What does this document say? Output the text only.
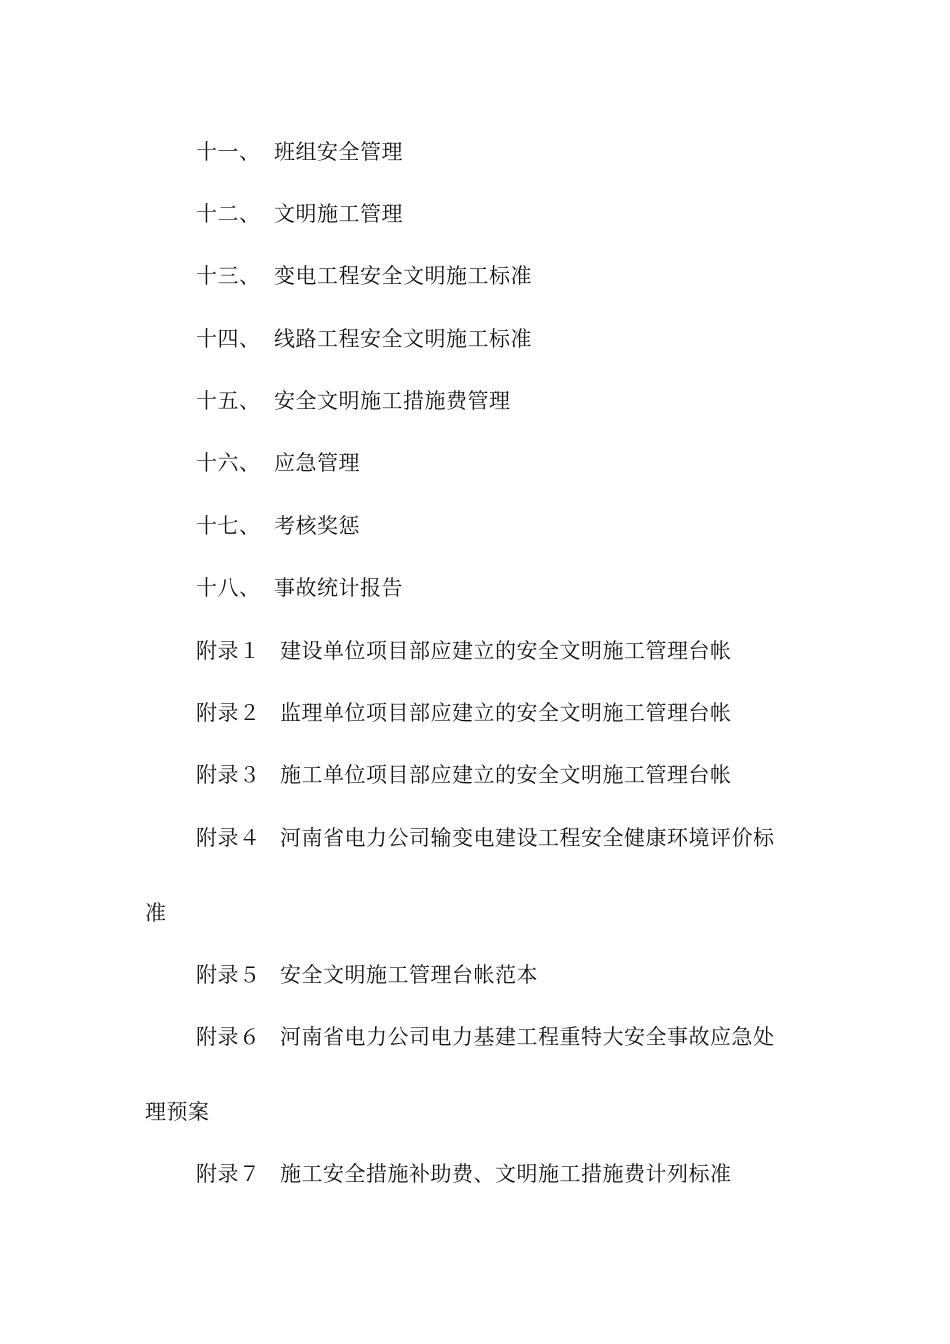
十一、 班组安全管理
十二、 文明施工管理
十三、 变电工程安全文明施工标准
十四、 线路工程安全文明施工标准
十五、 安全文明施工措施费管理
十六、 应急管理
十七、 考核奖惩
十八、 事故统计报告
附录１ 建设单位项目部应建立的安全文明施工管理台帐
附录２ 监理单位项目部应建立的安全文明施工管理台帐
附录３ 施工单位项目部应建立的安全文明施工管理台帐
附录４ 河南省电力公司输变电建设工程安全健康环境评价标
准
附录５ 安全文明施工管理台帐范本
附录６ 河南省电力公司电力基建工程重特大安全事故应急处
理预案
附录７ 施工安全措施补助费、文明施工措施费计列标准
